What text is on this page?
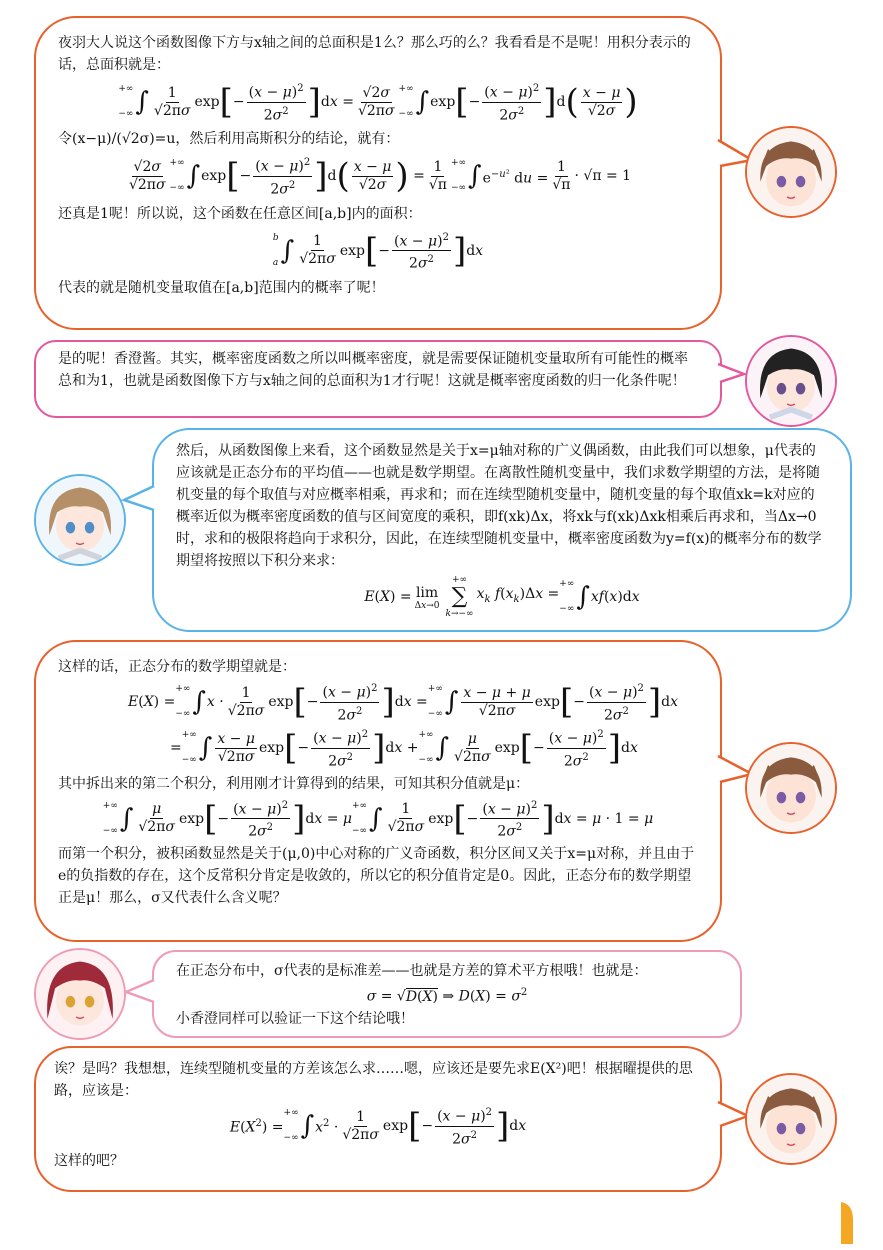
夜羽大人说这个函数图像下方与x轴之间的总面积是1么？那么巧的么？我看看是不是呢！用积分表示的话，总面积就是：

+∞
−∞ ∫ $\frac{1}{√2\pi\sigma}$ exp [ − $\frac{(x - \mu)^2}{2\sigma^2}$ ] dx = $\frac{√2\sigma}{√2\pi\sigma}$ +∞
−∞ ∫ exp [ − $\frac{(x - \mu)^2}{2\sigma^2}$ ] d ( $\frac{x - \mu}{√2\sigma}$ )

令(x−μ)/(√2σ)=u，然后利用高斯积分的结论，就有：

$\frac{√2\sigma}{√2\pi\sigma}$ +∞
−∞ ∫ exp [ − $\frac{(x - \mu)^2}{2\sigma^2}$ ] d ( $\frac{x - \mu}{√2\sigma}$ ) = $\frac{1}{√\pi}$ +∞
−∞ ∫ $e^{-u^2}$ du = $\frac{1}{√\pi} \cdot √\pi = 1$

还真是1呢！所以说，这个函数在任意区间[a,b]内的面积：

b
a ∫ $\frac{1}{√2\pi\sigma}$ exp [ − $\frac{(x - \mu)^2}{2\sigma^2}$ ] dx

代表的就是随机变量取值在[a,b]范围内的概率了呢！

是的呢！香澄酱。其实，概率密度函数之所以叫概率密度，就是需要保证随机变量取所有可能性的概率总和为1，也就是函数图像下方与x轴之间的总面积为1才行呢！这就是概率密度函数的归一化条件呢！

然后，从函数图像上来看，这个函数显然是关于x=μ轴对称的广义偶函数，由此我们可以想象，μ代表的应该就是正态分布的平均值——也就是数学期望。在离散性随机变量中，我们求数学期望的方法，是将随机变量的每个取值与对应概率相乘，再求和；而在连续型随机变量中，随机变量的每个取值xk=k对应的概率近似为概率密度函数的值与区间宽度的乘积，即f(xk)Δx，将xk与f(xk)Δxk相乘后再求和，当Δx→0时，求和的极限将趋向于求积分，因此，在连续型随机变量中，概率密度函数为y=f(x)的概率分布的数学期望将按照以下积分来求：

E(X) = lim
Δx→0
+∞
∑
k→−∞
$x_k$ $f(x_k)\Delta x$ =
+∞
−∞ ∫ xf(x)dx

这样的话，正态分布的数学期望就是：

E(X) =
+∞
−∞ ∫ $x \cdot \frac{1}{√2\pi\sigma}$ exp [ − $\frac{(x - \mu)^2}{2\sigma^2}$ ] dx =
+∞
−∞ ∫ $\frac{x - \mu + \mu}{√2\pi\sigma}$ exp [ − $\frac{(x - \mu)^2}{2\sigma^2}$ ] dx
=
+∞
−∞ ∫ $\frac{x - \mu}{√2\pi\sigma}$ exp [ − $\frac{(x - \mu)^2}{2\sigma^2}$ ] dx +
+∞
−∞ ∫ $\frac{\mu}{√2\pi\sigma}$ exp [ − $\frac{(x - \mu)^2}{2\sigma^2}$ ] dx

其中拆出来的第二个积分，利用刚才计算得到的结果，可知其积分值就是μ：

+∞
−∞ ∫ $\frac{\mu}{√2\pi\sigma}$ exp [ − $\frac{(x - \mu)^2}{2\sigma^2}$ ] dx = μ
+∞
−∞ ∫ $\frac{1}{√2\pi\sigma}$ exp [ − $\frac{(x - \mu)^2}{2\sigma^2}$ ] dx = μ · 1 = μ

而第一个积分，被积函数显然是关于(μ,0)中心对称的广义奇函数，积分区间又关于x=μ对称，并且由于e的负指数的存在，这个反常积分肯定是收敛的，所以它的积分值肯定是0。因此，正态分布的数学期望正是μ！那么，σ又代表什么含义呢？

在正态分布中，σ代表的是标准差——也就是方差的算术平方根哦！也就是：

σ = √D(X) ⇒ $D(X) = \sigma^2$

小香澄同样可以验证一下这个结论哦！

诶？是吗？我想想，连续型随机变量的方差该怎么求……嗯，应该还是要先求E(X²)吧！根据曜提供的思路，应该是：

$E(X^2)$ =
+∞
−∞ ∫ $x^2 \cdot \frac{1}{√2\pi\sigma}$ exp [ − $\frac{(x - \mu)^2}{2\sigma^2}$ ] dx

这样的吧？
